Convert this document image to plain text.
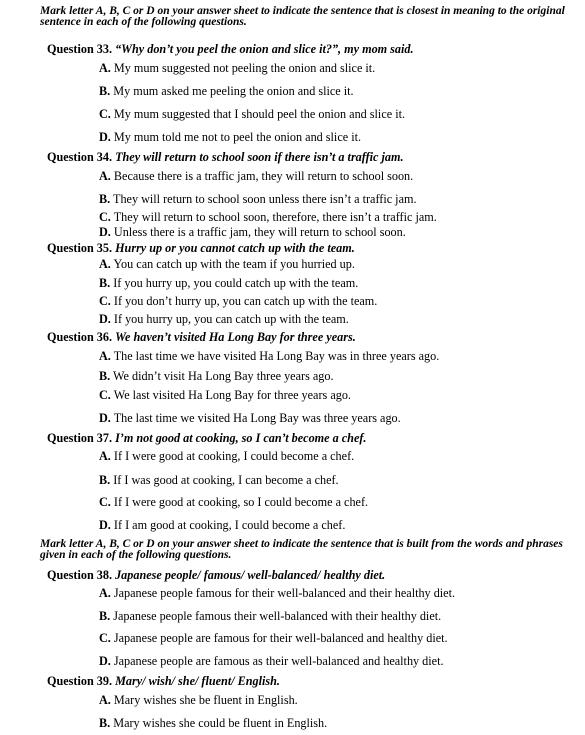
Mark letter A, B, C or D on your answer sheet to indicate the sentence that is closest in meaning to the original sentence in each of the following questions.
Question 33. “Why don’t you peel the onion and slice it?”, my mom said.
A. My mum suggested not peeling the onion and slice it.
B. My mum asked me peeling the onion and slice it.
C. My mum suggested that I should peel the onion and slice it.
D. My mum told me not to peel the onion and slice it.
Question 34. They will return to school soon if there isn’t a traffic jam.
A. Because there is a traffic jam, they will return to school soon.
B. They will return to school soon unless there isn’t a traffic jam.
C. They will return to school soon, therefore, there isn’t a traffic jam.
D. Unless there is a traffic jam, they will return to school soon.
Question 35. Hurry up or you cannot catch up with the team.
A. You can catch up with the team if you hurried up.
B. If you hurry up, you could catch up with the team.
C. If you don’t hurry up, you can catch up with the team.
D. If you hurry up, you can catch up with the team.
Question 36. We haven’t visited Ha Long Bay for three years.
A. The last time we have visited Ha Long Bay was in three years ago.
B. We didn’t visit Ha Long Bay three years ago.
C. We last visited Ha Long Bay for three years ago.
D. The last time we visited Ha Long Bay was three years ago.
Question 37. I’m not good at cooking, so I can’t become a chef.
A. If I were good at cooking, I could become a chef.
B. If I was good at cooking, I can become a chef.
C. If I were good at cooking, so I could become a chef.
D. If I am good at cooking, I could become a chef.
Mark letter A, B, C or D on your answer sheet to indicate the sentence that is built from the words and phrases given in each of the following questions.
Question 38. Japanese people/ famous/ well-balanced/ healthy diet.
A. Japanese people famous for their well-balanced and their healthy diet.
B. Japanese people famous their well-balanced with their healthy diet.
C. Japanese people are famous for their well-balanced and healthy diet.
D. Japanese people are famous as their well-balanced and healthy diet.
Question 39. Mary/ wish/ she/ fluent/ English.
A. Mary wishes she be fluent in English.
B. Mary wishes she could be fluent in English.
